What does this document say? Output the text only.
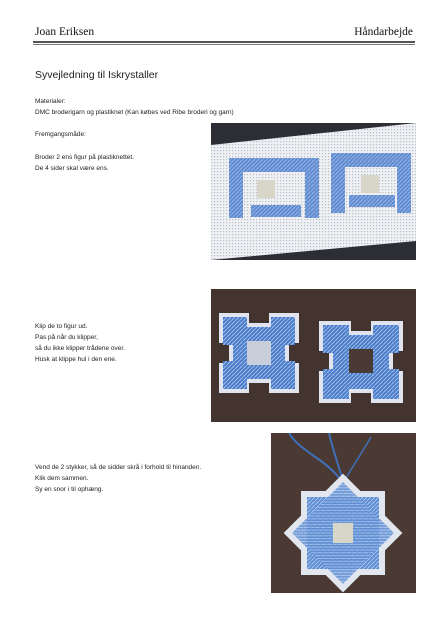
Joan Eriksen	Håndarbejde
Syvejledning til Iskrystaller
Materialer:
DMC broderigarn og plastiknet (Kan købes ved Ribe broderi og garn)
Fremgangsmåde:
Broder 2 ens figur på plastiknettet.
De 4 sider skal være ens.
Klip de to figur ud.
Pas på når du klipper,
så du ikke klipper trådene over.
Husk at klippe hul i den ene.
Vend de 2 stykker, så de sidder skrå i forhold til hinanden.
Klik dem sammen.
Sy en snor i til ophæng.
